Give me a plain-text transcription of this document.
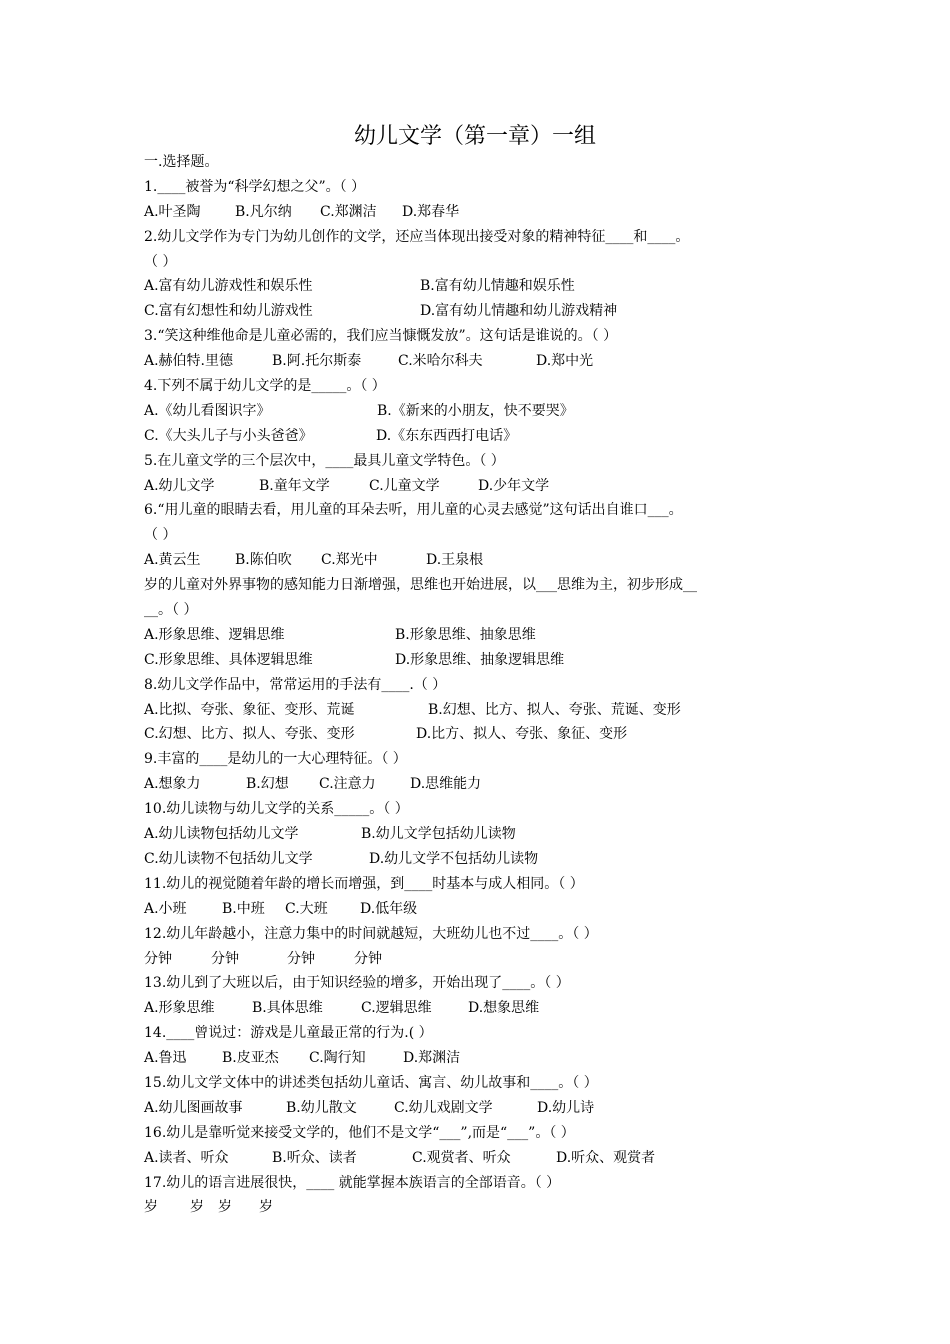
幼儿文学（第一章）一组
一.选择题。
1.____被誉为“科学幻想之父”。（ ）
A.叶圣陶 B.凡尔纳 C.郑渊洁 D.郑春华
2.幼儿文学作为专门为幼儿创作的文学，还应当体现出接受对象的精神特征____和____。
（ ）
A.富有幼儿游戏性和娱乐性	B.富有幼儿情趣和娱乐性
C.富有幻想性和幼儿游戏性	D.富有幼儿情趣和幼儿游戏精神
3.“笑这种维他命是儿童必需的，我们应当慷慨发放”。这句话是谁说的。（ ）
A.赫伯特.里德	B.阿.托尔斯泰	C.米哈尔科夫	D.郑中光
4.下列不属于幼儿文学的是_____。（ ）
A.《幼儿看图识字》	B.《新来的小朋友，快不要哭》
C.《大头儿子与小头爸爸》	D.《东东西西打电话》
5.在儿童文学的三个层次中，____最具儿童文学特色。（ ）
A.幼儿文学	B.童年文学	C.儿童文学	D.少年文学
6.“用儿童的眼睛去看，用儿童的耳朵去听，用儿童的心灵去感觉”这句话出自谁口___。
（ ）
A.黄云生 B.陈伯吹 C.郑光中	D.王泉根
岁的儿童对外界事物的感知能力日渐增强，思维也开始进展，以___思维为主，初步形成__
__。（ ）
A.形象思维、逻辑思维	B.形象思维、抽象思维
C.形象思维、具体逻辑思维	D.形象思维、抽象逻辑思维
8.幼儿文学作品中，常常运用的手法有____.（ ）
A.比拟、夸张、象征、变形、荒诞	B.幻想、比方、拟人、夸张、荒诞、变形
C.幻想、比方、拟人、夸张、变形	D.比方、拟人、夸张、象征、变形
9.丰富的____是幼儿的一大心理特征。（ ）
A.想象力	B.幻想 C.注意力 D.思维能力
10.幼儿读物与幼儿文学的关系_____。（ ）
A.幼儿读物包括幼儿文学	B.幼儿文学包括幼儿读物
C.幼儿读物不包括幼儿文学	D.幼儿文学不包括幼儿读物
11.幼儿的视觉随着年龄的增长而增强，到____时基本与成人相同。（ ）
A.小班	B.中班 C.大班 D.低年级
12.幼儿年龄越小，注意力集中的时间就越短，大班幼儿也不过____。（ ）
分钟	分钟	分钟	分钟
13.幼儿到了大班以后，由于知识经验的增多，开始出现了____。（ ）
A.形象思维	B.具体思维	C.逻辑思维	D.想象思维
14.____曾说过：游戏是儿童最正常的行为.( ）
A.鲁迅	B.皮亚杰 C.陶行知	D.郑渊洁
15.幼儿文学文体中的讲述类包括幼儿童话、寓言、幼儿故事和____。（ ）
A.幼儿图画故事	B.幼儿散文	C.幼儿戏剧文学	D.幼儿诗
16.幼儿是靠听觉来接受文学的，他们不是文学“___”,而是“___”。（ ）
A.读者、听众	B.听众、读者	C.观赏者、听众	D.听众、观赏者
17.幼儿的语言进展很快，____ 就能掌握本族语言的全部语音。（ ）
岁 岁 岁 岁
